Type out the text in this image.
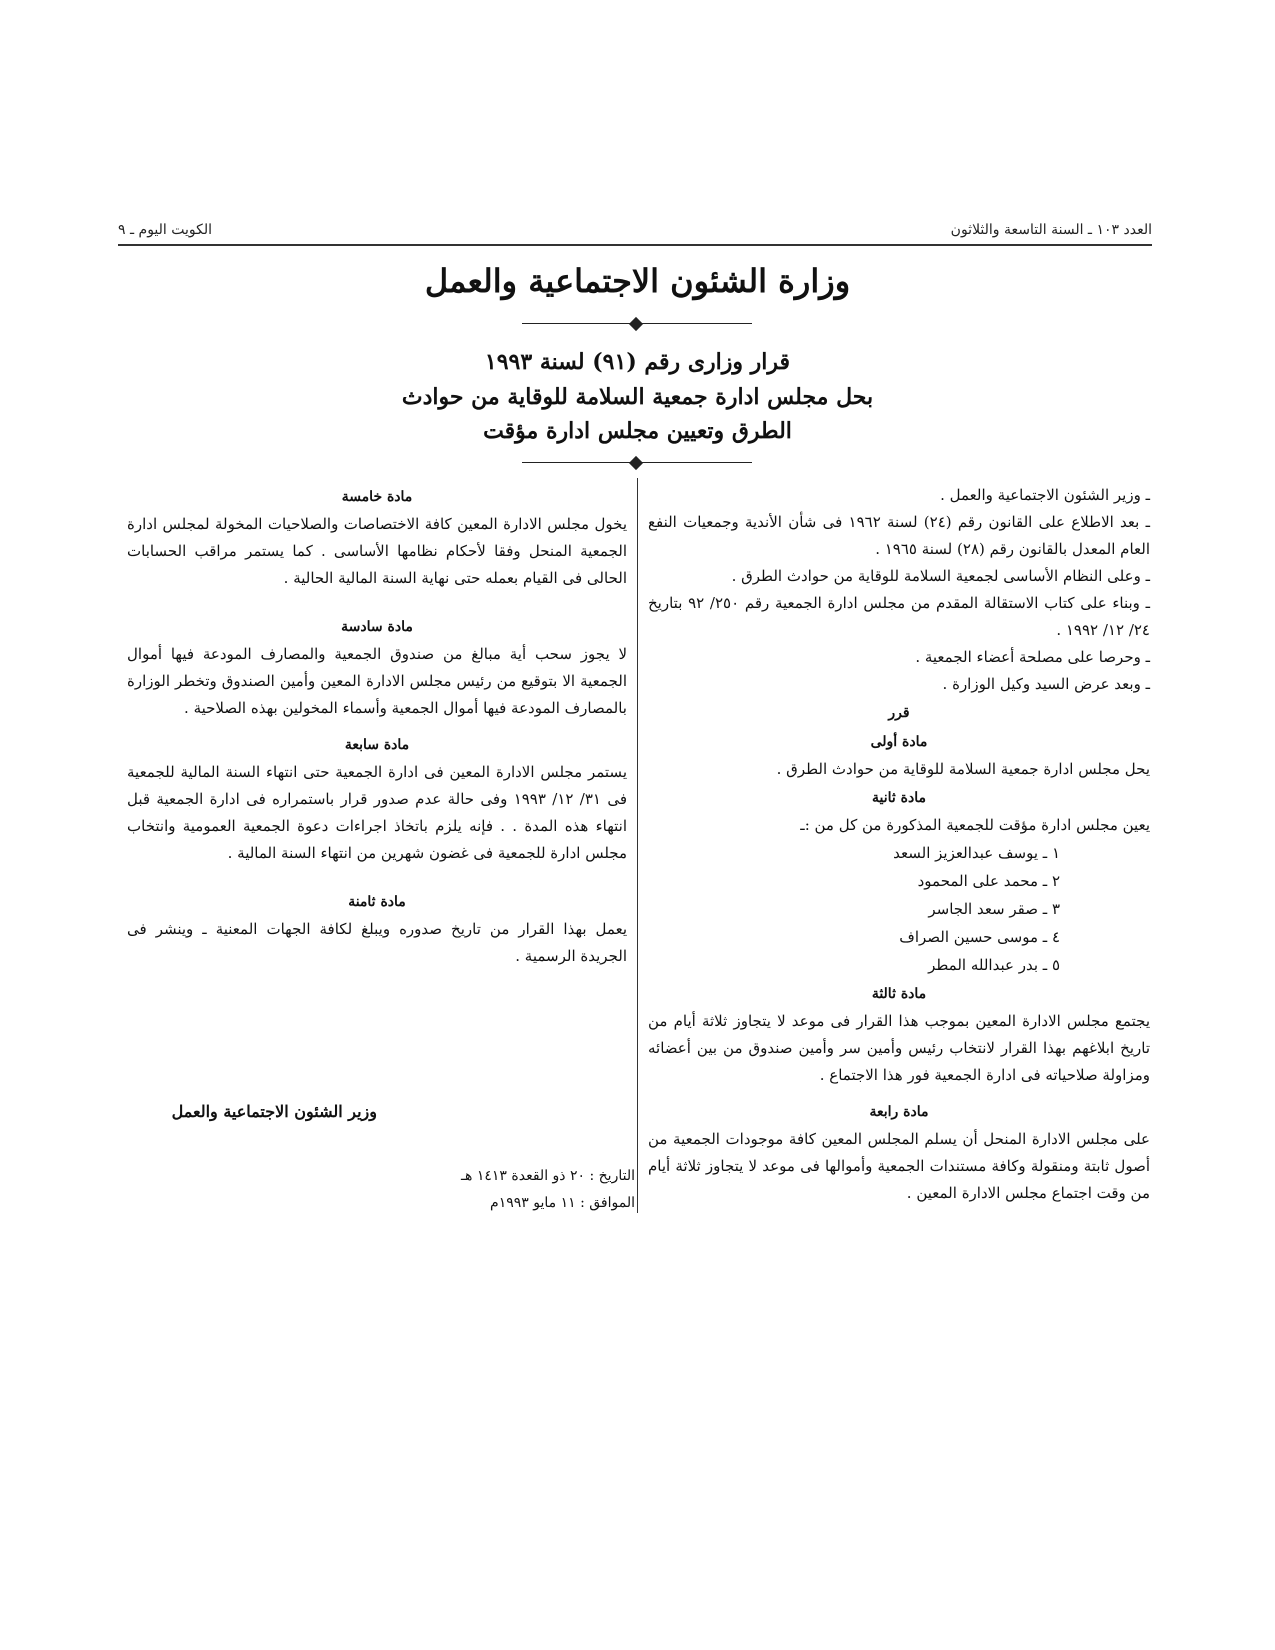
العدد ١٠٣ ـ السنة التاسعة والثلاثون
الكويت اليوم ـ ٩
وزارة الشئون الاجتماعية والعمل
قرار وزارى رقم (٩١) لسنة ١٩٩٣
بحل مجلس ادارة جمعية السلامة للوقاية من حوادث
الطرق وتعيين مجلس ادارة مؤقت

ـ وزير الشئون الاجتماعية والعمل .

ـ بعد الاطلاع على القانون رقم (٢٤) لسنة ١٩٦٢ فى شأن الأندية وجمعيات النفع العام المعدل بالقانون رقم (٢٨) لسنة ١٩٦٥ .

ـ وعلى النظام الأساسى لجمعية السلامة للوقاية من حوادث الطرق .

ـ وبناء على كتاب الاستقالة المقدم من مجلس ادارة الجمعية رقم ٢٥٠/ ٩٢ بتاريخ ٢٤/ ١٢/ ١٩٩٢ .

ـ وحرصا على مصلحة أعضاء الجمعية .

ـ وبعد عرض السيد وكيل الوزارة .

قرر

مادة أولى

يحل مجلس ادارة جمعية السلامة للوقاية من حوادث الطرق .

مادة ثانية

يعين مجلس ادارة مؤقت للجمعية المذكورة من كل من :ـ

١ ـ يوسف عبدالعزيز السعد
٢ ـ محمد على المحمود
٣ ـ صقر سعد الجاسر
٤ ـ موسى حسين الصراف
٥ ـ بدر عبدالله المطر

مادة ثالثة

يجتمع مجلس الادارة المعين بموجب هذا القرار فى موعد لا يتجاوز ثلاثة أيام من تاريخ ابلاغهم بهذا القرار لانتخاب رئيس وأمين سر وأمين صندوق من بين أعضائه ومزاولة صلاحياته فى ادارة الجمعية فور هذا الاجتماع .

مادة رابعة

على مجلس الادارة المنحل أن يسلم المجلس المعين كافة موجودات الجمعية من أصول ثابتة ومنقولة وكافة مستندات الجمعية وأموالها فى موعد لا يتجاوز ثلاثة أيام من وقت اجتماع مجلس الادارة المعين .

مادة خامسة

يخول مجلس الادارة المعين كافة الاختصاصات والصلاحيات المخولة لمجلس ادارة الجمعية المنحل وفقا لأحكام نظامها الأساسى . كما يستمر مراقب الحسابات الحالى فى القيام بعمله حتى نهاية السنة المالية الحالية .

مادة سادسة

لا يجوز سحب أية مبالغ من صندوق الجمعية والمصارف المودعة فيها أموال الجمعية الا بتوقيع من رئيس مجلس الادارة المعين وأمين الصندوق وتخطر الوزارة بالمصارف المودعة فيها أموال الجمعية وأسماء المخولين بهذه الصلاحية .

مادة سابعة

يستمر مجلس الادارة المعين فى ادارة الجمعية حتى انتهاء السنة المالية للجمعية فى ٣١/ ١٢/ ١٩٩٣ وفى حالة عدم صدور قرار باستمراره فى ادارة الجمعية قبل انتهاء هذه المدة . . فإنه يلزم باتخاذ اجراءات دعوة الجمعية العمومية وانتخاب مجلس ادارة للجمعية فى غضون شهرين من انتهاء السنة المالية .

مادة ثامنة

يعمل بهذا القرار من تاريخ صدوره ويبلغ لكافة الجهات المعنية ـ وينشر فى الجريدة الرسمية .

وزير الشئون الاجتماعية والعمل
التاريخ : ٢٠ ذو القعدة ١٤١٣ هـ
الموافق : ١١ مايو ١٩٩٣م
